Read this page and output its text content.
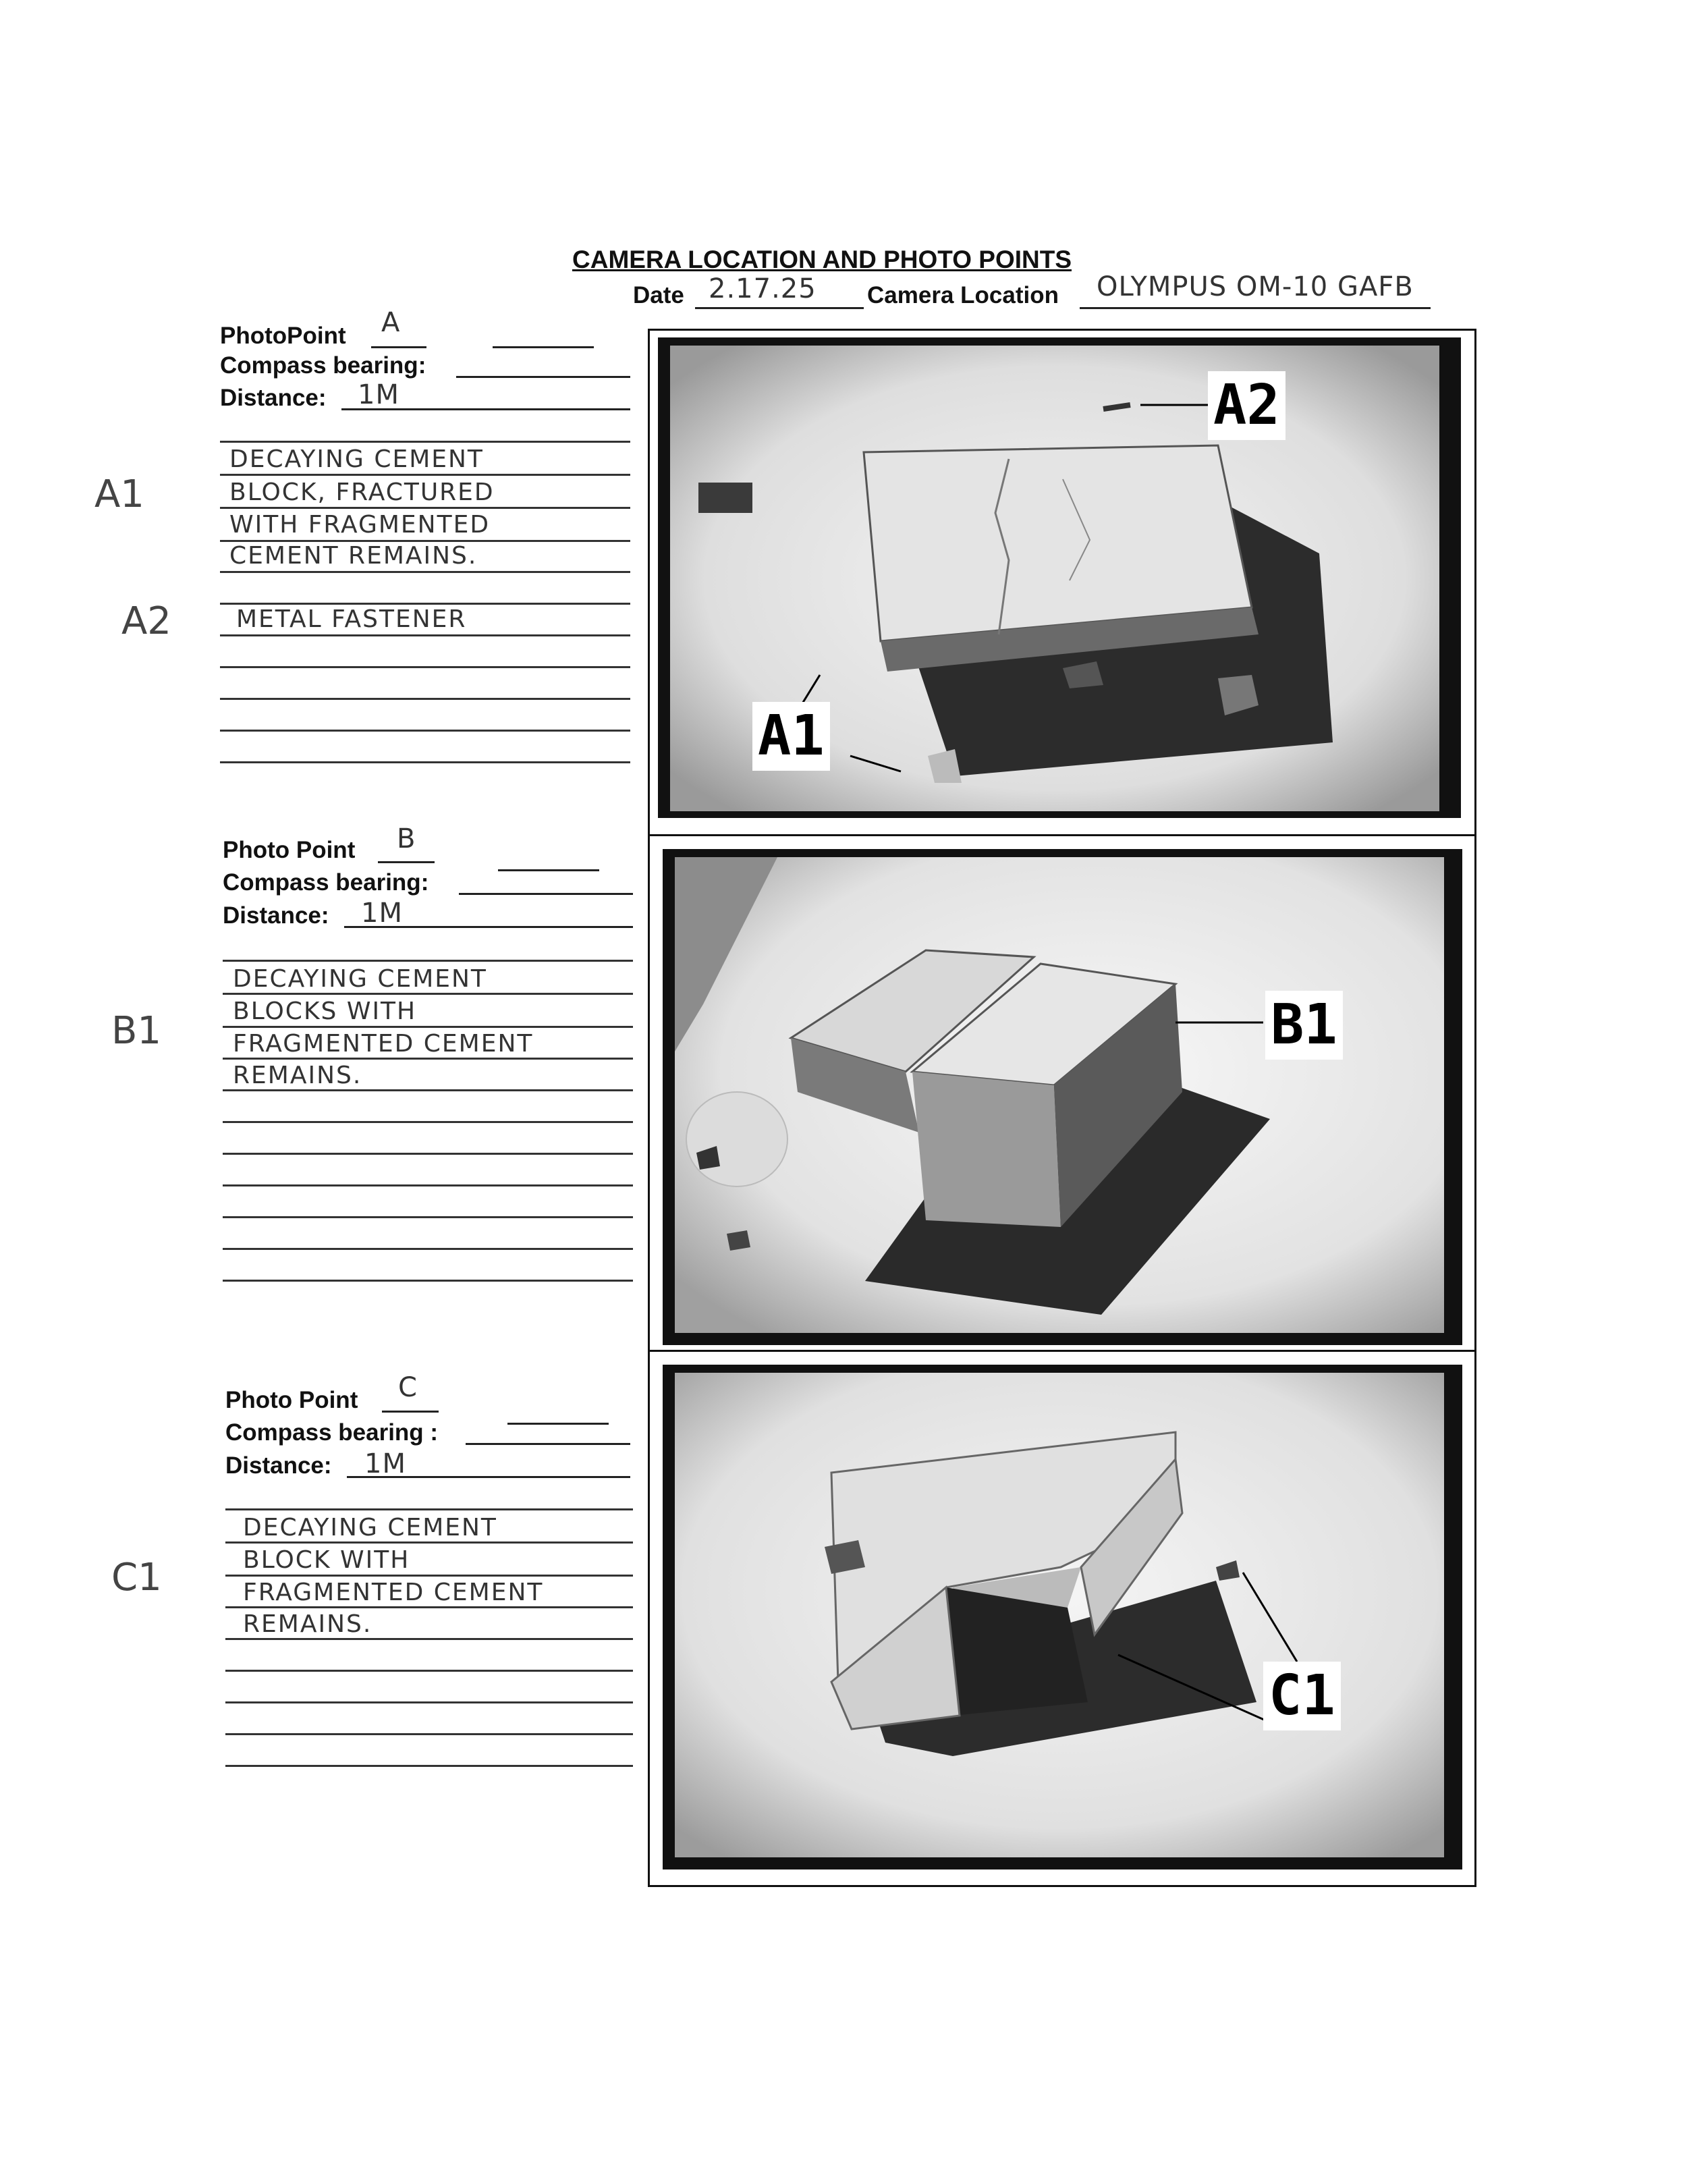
CAMERA LOCATION AND PHOTO POINTS
Date 2.17.25 Camera Location OLYMPUS OM-10 GAFB
PhotoPoint A
Compass bearing:
Distance: 1M
A1
DECAYING CEMENT
BLOCK, FRACTURED
WITH FRAGMENTED
CEMENT REMAINS.
A2	METAL FASTENER
Photo Point B
Compass bearing:
Distance: 1M
B1
DECAYING CEMENT
BLOCKS WITH
FRAGMENTED CEMENT
REMAINS.
Photo Point C
Compass bearing :
Distance: 1M
C1
DECAYING CEMENT
BLOCK WITH
FRAGMENTED CEMENT
REMAINS.
A2
A1
B1
C1
